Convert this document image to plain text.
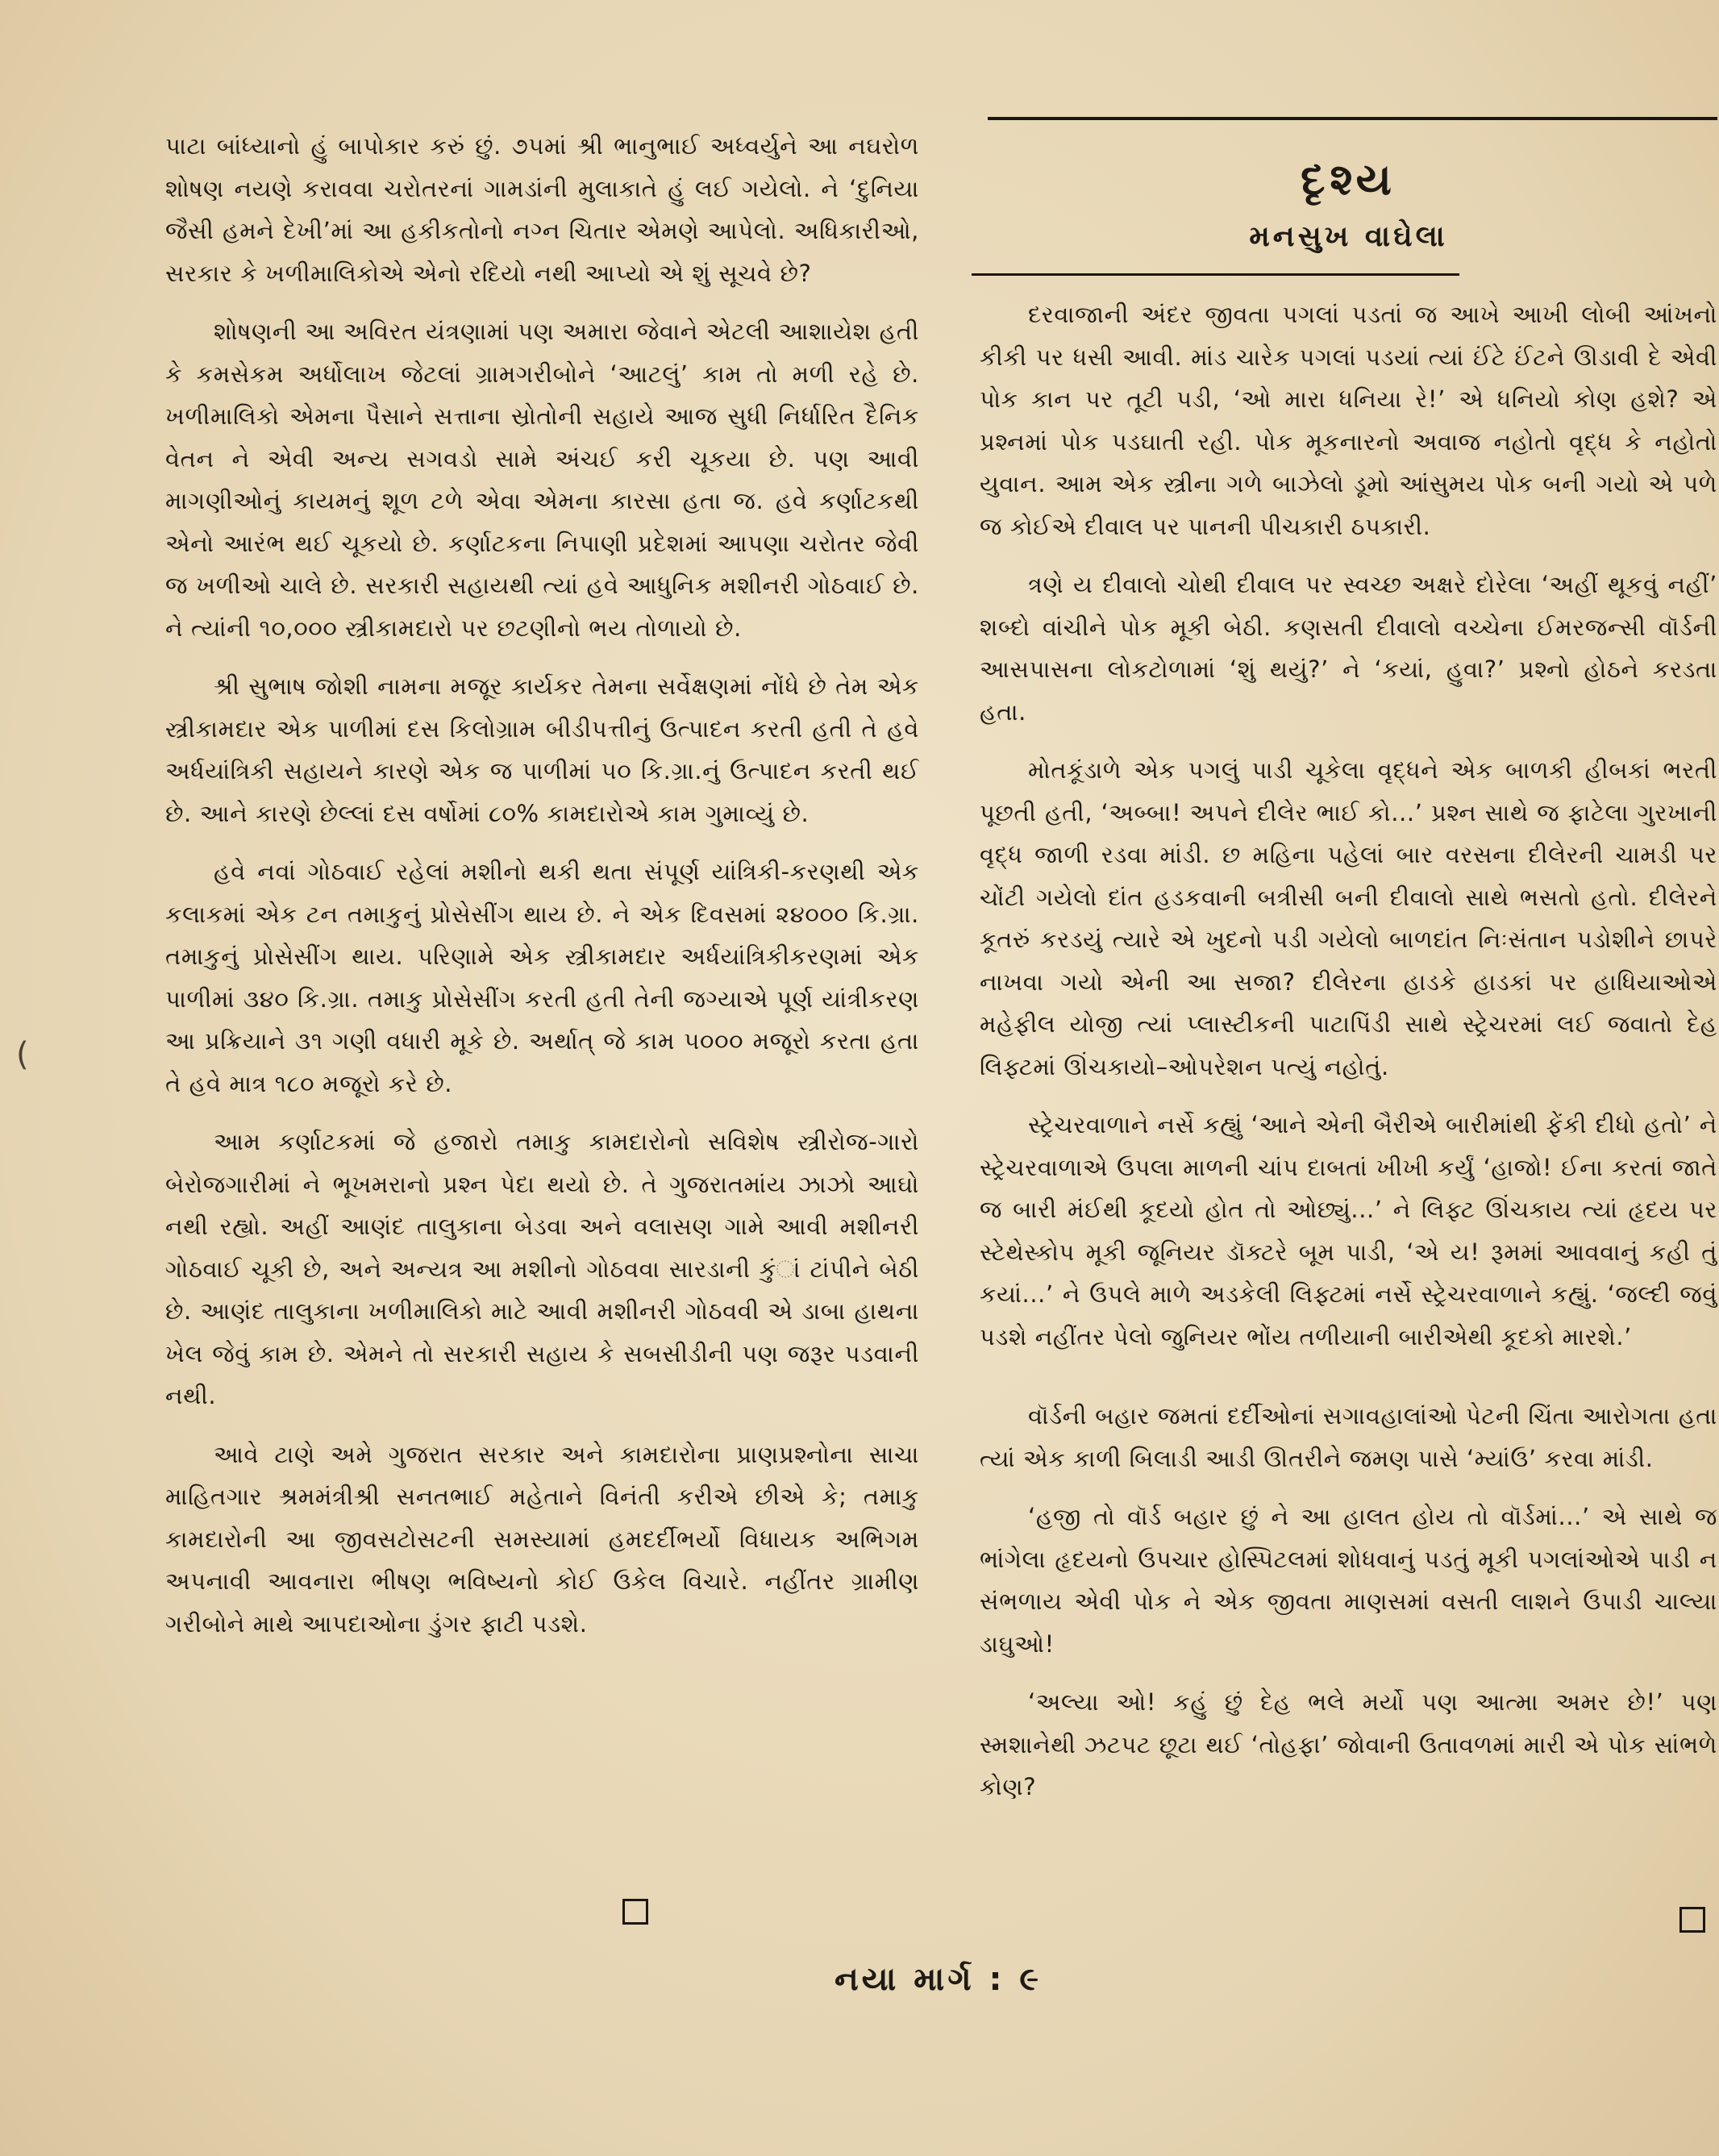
(

પાટા બાંધ્યાનો હું બાપોકાર કરું છું. ૭૫માં શ્રી ભાનુભાઈ અધ્વર્યુને આ નઘરોળ શોષણ નયણે કરાવવા ચરોતરનાં ગામડાંની મુલાકાતે હું લઈ ગયેલો. ને ‘દુનિયા જૈસી હમને દેખી’માં આ હકીકતોનો નગ્ન ચિતાર એમણે આપેલો. અધિકારીઓ, સરકાર કે ખળીમાલિકોએ એનો રદિયો નથી આપ્યો એ શું સૂચવે છે?

શોષણની આ અવિરત યંત્રણામાં પણ અમારા જેવાને એટલી આશાયેશ હતી કે કમસેકમ અર્ધોલાખ જેટલાં ગ્રામગરીબોને ‘આટલું’ કામ તો મળી રહે છે. ખળીમાલિકો એમના પૈસાને સત્તાના સ્રોતોની સહાયે આજ સુધી નિર્ધારિત દૈનિક વેતન ને એવી અન્ય સગવડો સામે અંચઈ કરી ચૂકયા છે. પણ આવી માગણીઓનું કાયમનું શૂળ ટળે એવા એમના કારસા હતા જ. હવે કર્ણાટકથી એનો આરંભ થઈ ચૂકયો છે. કર્ણાટકના નિપાણી પ્રદેશમાં આપણા ચરોતર જેવી જ ખળીઓ ચાલે છે. સરકારી સહાયથી ત્યાં હવે આધુનિક મશીનરી ગોઠવાઈ છે. ને ત્યાંની ૧૦,૦૦૦ સ્ત્રીકામદારો પર છટણીનો ભય તોળાયો છે.

શ્રી સુભાષ જોશી નામના મજૂર કાર્યકર તેમના સર્વેક્ષણમાં નોંધે છે તેમ એક સ્ત્રીકામદાર એક પાળીમાં દસ કિલોગ્રામ બીડીપત્તીનું ઉત્પાદન કરતી હતી તે હવે અર્ધયાંત્રિકી સહાયને કારણે એક જ પાળીમાં ૫૦ કિ.ગ્રા.નું ઉત્પાદન કરતી થઈ છે. આને કારણે છેલ્લાં દસ વર્ષોમાં ૮૦% કામદારોએ કામ ગુમાવ્યું છે.

હવે નવાં ગોઠવાઈ રહેલાં મશીનો થકી થતા સંપૂર્ણ યાંત્રિકી-કરણથી એક કલાકમાં એક ટન તમાકુનું પ્રોસેસીંગ થાય છે. ને એક દિવસમાં ૨૪૦૦૦ કિ.ગ્રા. તમાકુનું પ્રોસેસીંગ થાય. પરિણામે એક સ્ત્રીકામદાર અર્ધયાંત્રિકીકરણમાં એક પાળીમાં ૩૪૦ કિ.ગ્રા. તમાકુ પ્રોસેસીંગ કરતી હતી તેની જગ્યાએ પૂર્ણ યાંત્રીકરણ આ પ્રક્રિયાને ૩૧ ગણી વધારી મૂકે છે. અર્થાત્ જે કામ ૫૦૦૦ મજૂરો કરતા હતા તે હવે માત્ર ૧૮૦ મજૂરો કરે છે.

આમ કર્ણાટકમાં જે હજારો તમાકુ કામદારોનો સવિશેષ સ્ત્રીરોજ-ગારો બેરોજગારીમાં ને ભૂખમરાનો પ્રશ્ન પેદા થયો છે. તે ગુજરાતમાંય ઝાઝો આઘો નથી રહ્યો. અહીં આણંદ તાલુકાના બેડવા અને વલાસણ ગામે આવી મશીનરી ગોઠવાઈ ચૂકી છે, અને અન્યત્ર આ મશીનો ગોઠવવા સારડાની કુંાં ટાંપીને બેઠી છે. આણંદ તાલુકાના ખળીમાલિકો માટે આવી મશીનરી ગોઠવવી એ ડાબા હાથના ખેલ જેવું કામ છે. એમને તો સરકારી સહાય કે સબસીડીની પણ જરૂર પડવાની નથી.

આવે ટાણે અમે ગુજરાત સરકાર અને કામદારોના પ્રાણપ્રશ્નોના સાચા માહિતગાર શ્રમમંત્રીશ્રી સનતભાઈ મહેતાને વિનંતી કરીએ છીએ કે; તમાકુ કામદારોની આ જીવસટોસટની સમસ્યામાં હમદર્દીભર્યો વિધાયક અભિગમ અપનાવી આવનારા ભીષણ ભવિષ્યનો કોઈ ઉકેલ વિચારે. નહીંતર ગ્રામીણ ગરીબોને માથે આપદાઓના ડુંગર ફાટી પડશે.

દૃશ્ય
મનસુખ વાઘેલા

દરવાજાની અંદર જીવતા પગલાં પડતાં જ આખે આખી લોબી આંખનો કીકી પર ધસી આવી. માંડ ચારેક પગલાં પડયાં ત્યાં ઈંટે ઈંટને ઊડાવી દે એવી પોક કાન પર તૂટી પડી, ‘ઓ મારા ધનિયા રે!’ એ ધનિયો કોણ હશે? એ પ્રશ્નમાં પોક પડઘાતી રહી. પોક મૂકનારનો અવાજ નહોતો વૃદ્ધ કે નહોતો યુવાન. આમ એક સ્ત્રીના ગળે બાઝેલો ડૂમો આંસુમય પોક બની ગયો એ પળે જ કોઈએ દીવાલ પર પાનની પીચકારી ઠપકારી.

ત્રણે ય દીવાલો ચોથી દીવાલ પર સ્વચ્છ અક્ષરે દોરેલા ‘અહીં થૂકવું નહીં’ શબ્દો વાંચીને પોક મૂકી બેઠી. કણસતી દીવાલો વચ્ચેના ઈમરજન્સી વૉર્ડની આસપાસના લોકટોળામાં ‘શું થયું?’ ને ‘કયાં, હુવા?’ પ્રશ્નો હોઠને કરડતા હતા.

મોતકૂંડાળે એક પગલું પાડી ચૂકેલા વૃદ્ધને એક બાળકી હીબકાં ભરતી પૂછતી હતી, ‘અબ્બા! અપને દીલેર ભાઈ કો...’ પ્રશ્ન સાથે જ ફાટેલા ગુરખાની વૃદ્ધ જાળી રડવા માંડી. છ મહિના પહેલાં બાર વરસના દીલેરની ચામડી પર ચોંટી ગયેલો દાંત હડકવાની બત્રીસી બની દીવાલો સાથે ભસતો હતો. દીલેરને કૂતરું કરડયું ત્યારે એ ખુદનો પડી ગયેલો બાળદાંત નિઃસંતાન પડોશીને છાપરે નાખવા ગયો એની આ સજા? દીલેરના હાડકે હાડકાં પર હાધિયાઓએ મહેફીલ યોજી ત્યાં પ્લાસ્ટીકની પાટાપિંડી સાથે સ્ટ્રેચરમાં લઈ જવાતો દેહ લિફ્ટમાં ઊંચકાયો–ઓપરેશન પત્યું નહોતું.

સ્ટ્રેચરવાળાને નર્સે કહ્યું ‘આને એની બૈરીએ બારીમાંથી ફેંકી દીધો હતો’ ને સ્ટ્રેચરવાળાએ ઉપલા માળની ચાંપ દાબતાં ખીખી કર્યું ‘હાજો! ઈના કરતાં જાતે જ બારી મંઈથી કૂદયો હોત તો ઓછ્યું...’ ને લિફ્ટ ઊંચકાય ત્યાં હૃદય પર સ્ટેથેસ્કોપ મૂકી જૂનિયર ડૉક્ટરે બૂમ પાડી, ‘એ ય! રૂમમાં આવવાનું કહી તું કયાં...’ ને ઉપલે માળે અડકેલી લિફ્ટમાં નર્સે સ્ટ્રેચરવાળાને કહ્યું. ‘જલ્દી જવું પડશે નહીંતર પેલો જુનિયર ભોંય તળીયાની બારીએથી કૂદકો મારશે.’

વૉર્ડની બહાર જમતાં દર્દીઓનાં સગાવહાલાંઓ પેટની ચિંતા આરોગતા હતા ત્યાં એક કાળી બિલાડી આડી ઊતરીને જમણ પાસે ‘મ્યાંઉ’ કરવા માંડી.

‘હજી તો વૉર્ડ બહાર છું ને આ હાલત હોય તો વૉર્ડમાં...’ એ સાથે જ ભાંગેલા હૃદયનો ઉપચાર હોસ્પિટલમાં શોધવાનું પડતું મૂકી પગલાંઓએ પાડી ન સંભળાય એવી પોક ને એક જીવતા માણસમાં વસતી લાશને ઉપાડી ચાલ્યા ડાઘુઓ!

‘અલ્યા ઓ! કહું છું દેહ ભલે મર્યો પણ આત્મા અમર છે!’ પણ સ્મશાનેથી ઝટપટ છૂટા થઈ ‘તોહફા’ જોવાની ઉતાવળમાં મારી એ પોક સાંભળે કોણ?

નયા માર્ગ : ૯
